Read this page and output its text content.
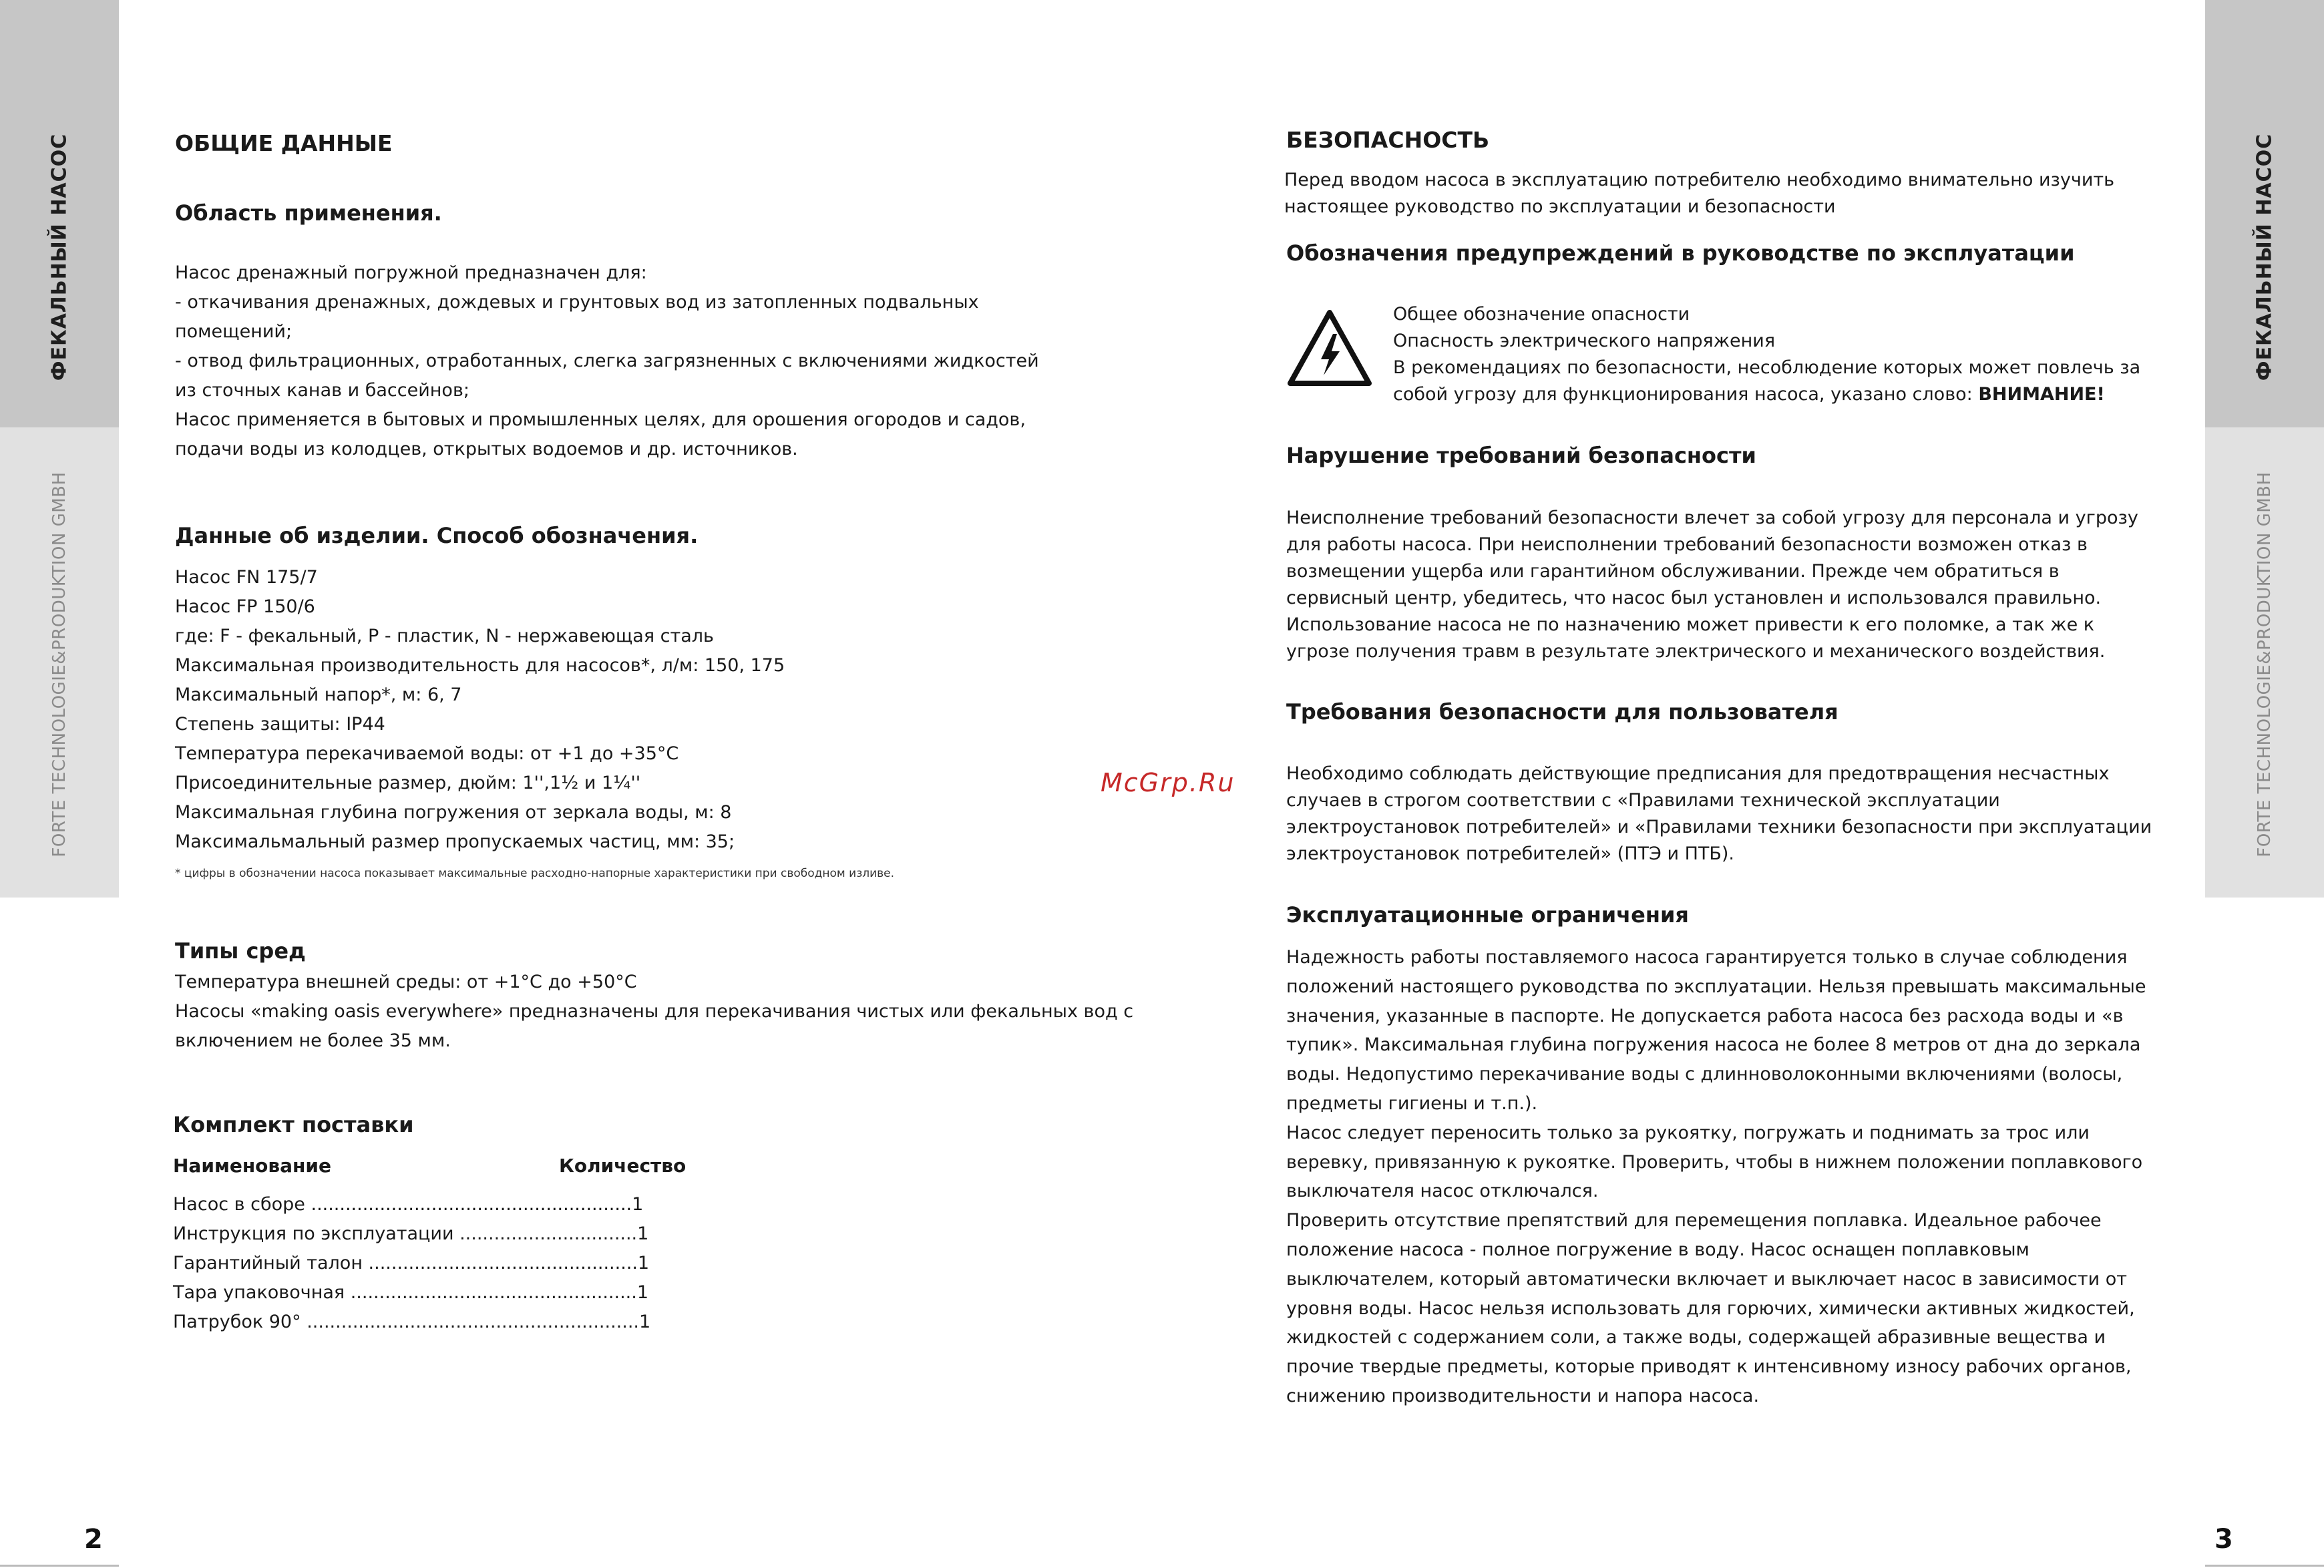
ФЕКАЛЬНЫЙ НАСОС
FORTE TECHNOLOGIE&PRODUKTION GMBH
2
ФЕКАЛЬНЫЙ НАСОС
FORTE TECHNOLOGIE&PRODUKTION GMBH
3
McGrp.Ru
ОБЩИЕ ДАННЫЕ
Область применения.
Насос дренажный погружной предназначен для:
- откачивания дренажных, дождевых и грунтовых вод из затопленных подвальных
помещений;
- отвод фильтрационных, отработанных, слегка загрязненных с включениями жидкостей
из сточных канав и бассейнов;
Насос применяется в бытовых и промышленных целях, для орошения огородов и садов,
подачи воды из колодцев, открытых водоемов и др. источников.
Данные об изделии. Способ обозначения.
Насос FN 175/7
Насос FP 150/6
где: F - фекальный, P - пластик, N - нержавеющая сталь
Максимальная производительность для насосов*, л/м: 150, 175
Максимальный напор*, м: 6, 7
Степень защиты: IP44
Температура перекачиваемой воды: от +1 до +35°С
Присоединительные размер, дюйм: 1'',1½ и 1¼''
Максимальная глубина погружения от зеркала воды, м: 8
Максимальмальный размер пропускаемых частиц, мм: 35;
* цифры в обозначении насоса показывает максимальные расходно-напорные характеристики при свободном изливе.
Типы сред
Температура внешней среды: от +1°С до +50°С
Насосы «making oasis everywhere» предназначены для перекачивания чистых или фекальных вод с
включением не более 35 мм.
Комплект поставки
Наименование	Количество
Насос в сборе ........................................................1
Инструкция по эксплуатации ...............................1
Гарантийный талон ...............................................1
Тара упаковочная ..................................................1
Патрубок 90° ..........................................................1
БЕЗОПАСНОСТЬ
Перед вводом насоса в эксплуатацию потребителю необходимо внимательно изучить
настоящее руководство по эксплуатации и безопасности
Обозначения предупреждений в руководстве по эксплуатации
Общее обозначение опасности
Опасность электрического напряжения
В рекомендациях по безопасности, несоблюдение которых может повлечь за
собой угрозу для функционирования насоса, указано слово: ВНИМАНИЕ!
Нарушение требований безопасности
Неисполнение требований безопасности влечет за собой угрозу для персонала и угрозу
для работы насоса. При неисполнении требований безопасности возможен отказ в
возмещении ущерба или гарантийном обслуживании. Прежде чем обратиться в
сервисный центр, убедитесь, что насос был установлен и использовался правильно.
Использование насоса не по назначению может привести к его поломке, а так же к
угрозе получения травм в результате электрического и механического воздействия.
Требования безопасности для пользователя
Необходимо соблюдать действующие предписания для предотвращения несчастных
случаев в строгом соответствии с «Правилами технической эксплуатации
электроустановок потребителей» и «Правилами техники безопасности при эксплуатации
электроустановок потребителей» (ПТЭ и ПТБ).
Эксплуатационные ограничения
Надежность работы поставляемого насоса гарантируется только в случае соблюдения
положений настоящего руководства по эксплуатации. Нельзя превышать максимальные
значения, указанные в паспорте. Не допускается работа насоса без расхода воды и «в
тупик». Максимальная глубина погружения насоса не более 8 метров от дна до зеркала
воды. Недопустимо перекачивание воды с длинноволоконными включениями (волосы,
предметы гигиены и т.п.).
Насос следует переносить только за рукоятку, погружать и поднимать за трос или
веревку, привязанную к рукоятке. Проверить, чтобы в нижнем положении поплавкового
выключателя насос отключался.
Проверить отсутствие препятствий для перемещения поплавка. Идеальное рабочее
положение насоса - полное погружение в воду. Насос оснащен поплавковым
выключателем, который автоматически включает и выключает насос в зависимости от
уровня воды. Насос нельзя использовать для горючих, химически активных жидкостей,
жидкостей с содержанием соли, а также воды, содержащей абразивные вещества и
прочие твердые предметы, которые приводят к интенсивному износу рабочих органов,
снижению производительности и напора насоса.
